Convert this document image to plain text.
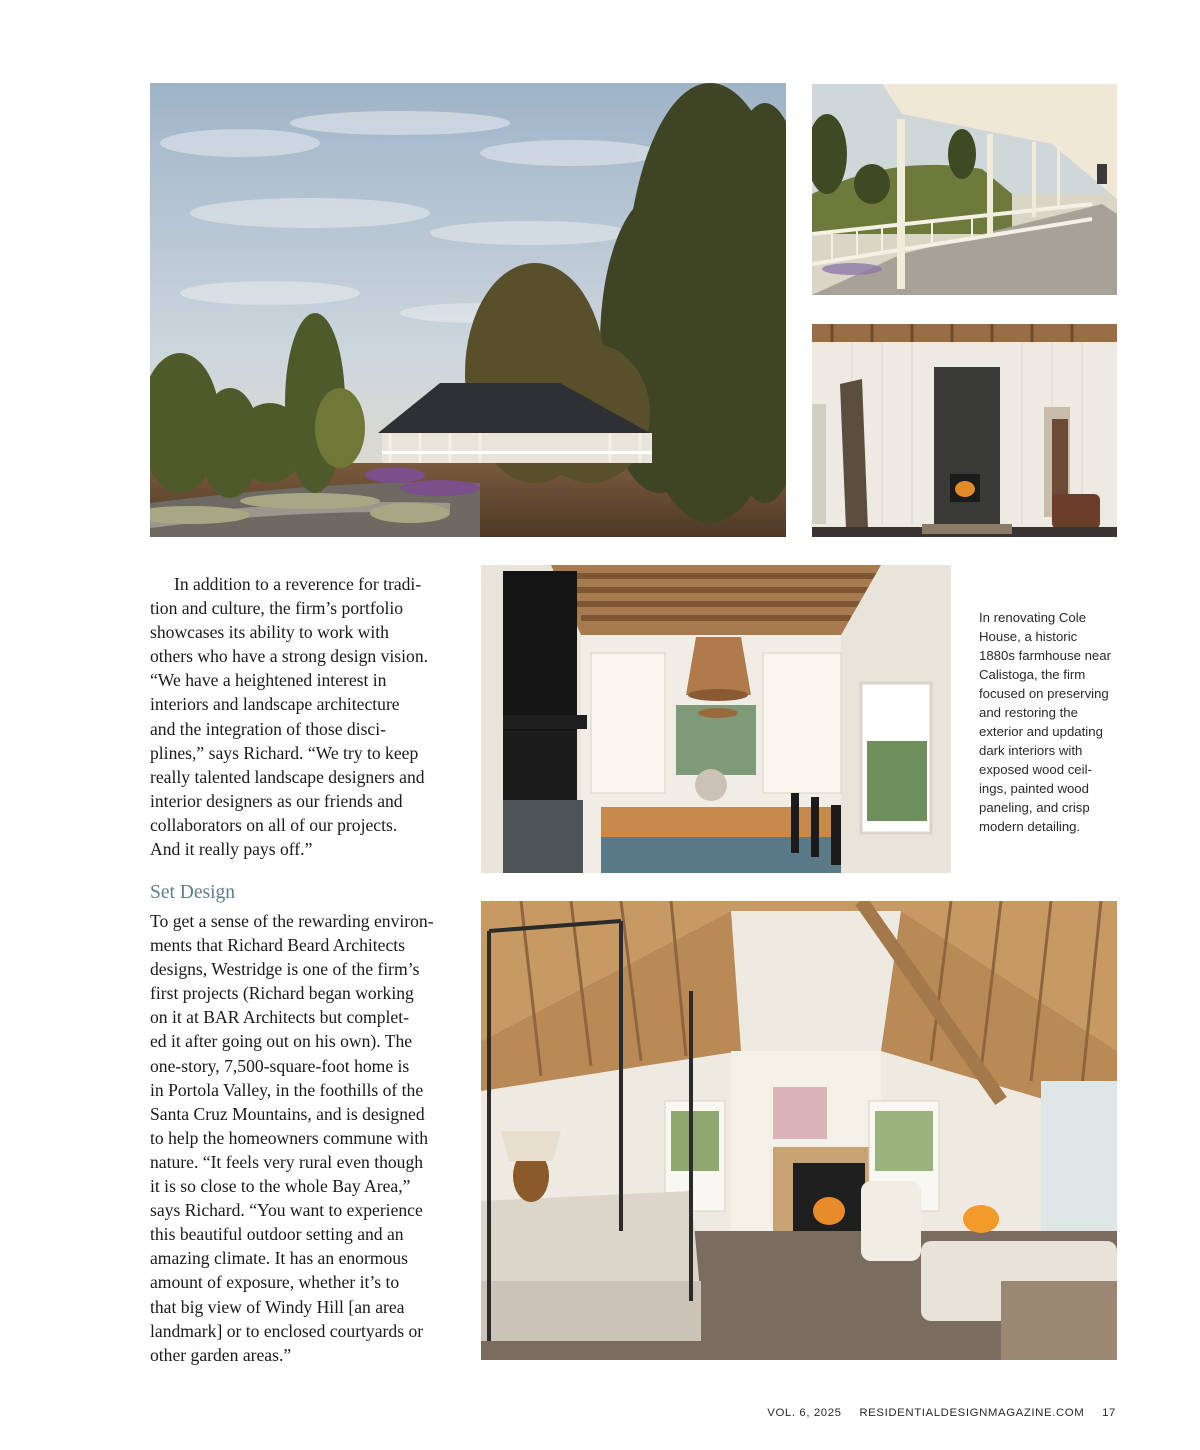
In addition to a reverence for tradi-
tion and culture, the firm’s portfolio
showcases its ability to work with
others who have a strong design vision.
“We have a heightened interest in
interiors and landscape architecture
and the integration of those disci-
plines,” says Richard. “We try to keep
really talented landscape designers and
interior designers as our friends and
collaborators on all of our projects.
And it really pays off.”

Set Design

To get a sense of the rewarding environ-
ments that Richard Beard Architects
designs, Westridge is one of the firm’s
first projects (Richard began working
on it at BAR Architects but complet-
ed it after going out on his own). The
one-story, 7,500-square-foot home is
in Portola Valley, in the foothills of the
Santa Cruz Mountains, and is designed
to help the homeowners commune with
nature. “It feels very rural even though
it is so close to the whole Bay Area,”
says Richard. “You want to experience
this beautiful outdoor setting and an
amazing climate. It has an enormous
amount of exposure, whether it’s to
that big view of Windy Hill [an area
landmark] or to enclosed courtyards or
other garden areas.”

In renovating Cole
House, a historic
1880s farmhouse near
Calistoga, the firm
focused on preserving
and restoring the
exterior and updating
dark interiors with
exposed wood ceil-
ings, painted wood
paneling, and crisp
modern detailing.

VOL. 6, 2025 RESIDENTIALDESIGNMAGAZINE.COM 17
